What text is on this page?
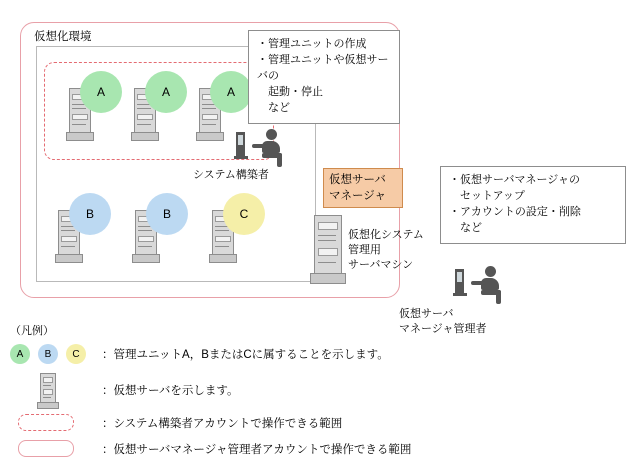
仮想化環境
A	A	A
B	B	C
・管理ユニットの作成
・管理ユニットや仮想サーバの
　起動・停止
　など
・仮想サーバマネージャの
　セットアップ
・アカウントの設定・削除
　など
システム構築者	仮想サーバ
マネージャ
仮想化システム
管理用
サーバマシン
仮想サーバ
マネージャ管理者
（凡例）
A	B	C	：管理ユニットA，BまたはCに属することを示します。
：仮想サーバを示します。
：システム構築者アカウントで操作できる範囲
：仮想サーバマネージャ管理者アカウントで操作できる範囲
